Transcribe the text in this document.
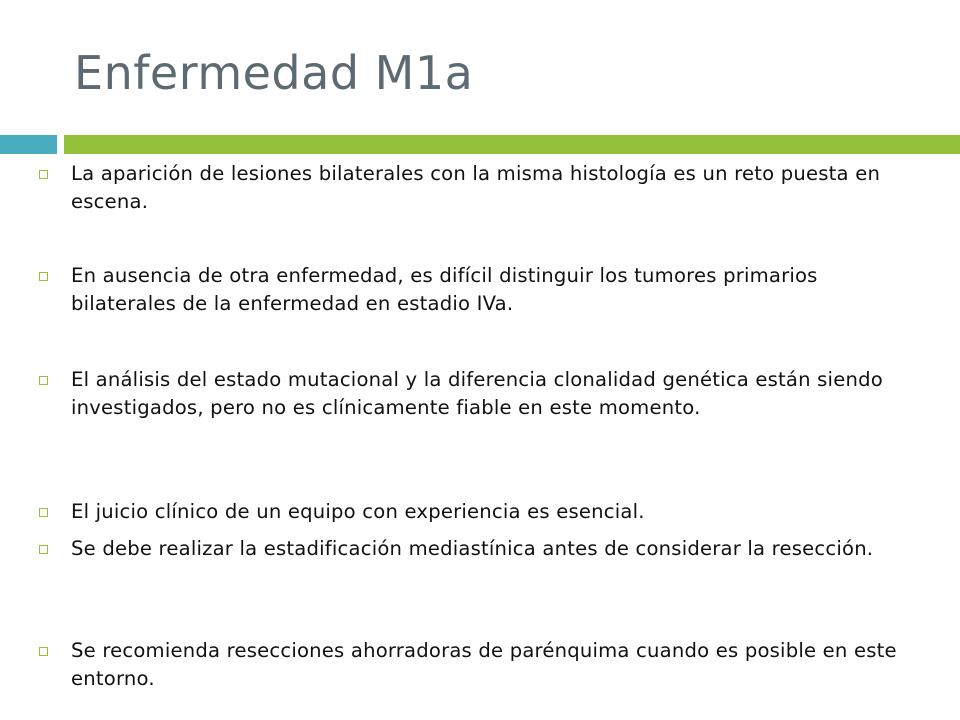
Enfermedad M1a
La aparición de lesiones bilaterales con la misma histología es un reto puesta en escena.
En ausencia de otra enfermedad, es difícil distinguir los tumores primarios bilaterales de la enfermedad en estadio IVa.
El análisis del estado mutacional y la diferencia clonalidad genética están siendo investigados, pero no es clínicamente fiable en este momento.
El juicio clínico de un equipo con experiencia es esencial.
Se debe realizar la estadificación mediastínica antes de considerar la resección.
Se recomienda resecciones ahorradoras de parénquima cuando es posible en este entorno.
